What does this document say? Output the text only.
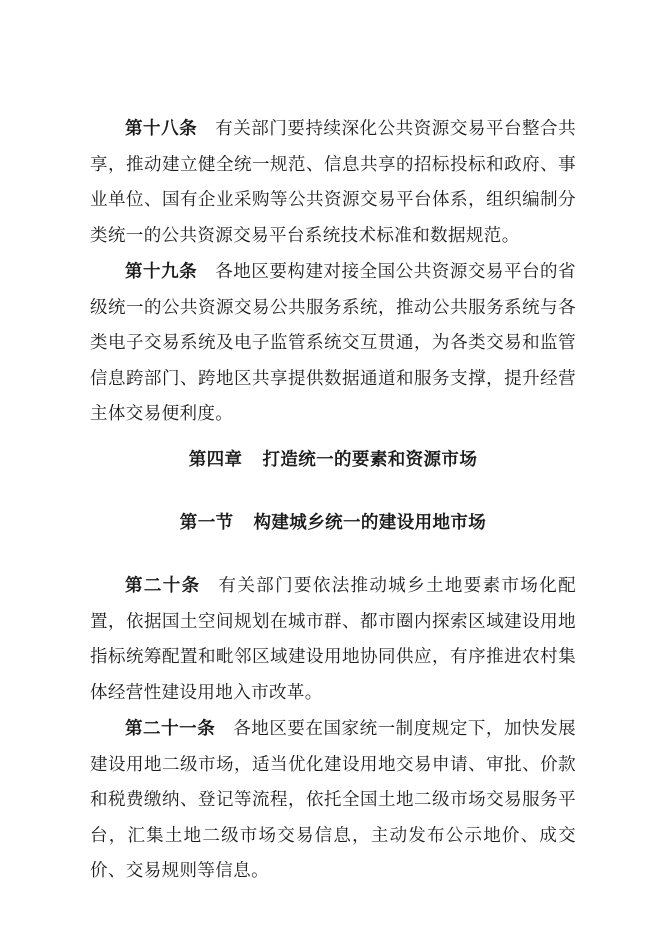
第十八条 有关部门要持续深化公共资源交易平台整合共享，推动建立健全统一规范、信息共享的招标投标和政府、事业单位、国有企业采购等公共资源交易平台体系，组织编制分类统一的公共资源交易平台系统技术标准和数据规范。

第十九条 各地区要构建对接全国公共资源交易平台的省级统一的公共资源交易公共服务系统，推动公共服务系统与各类电子交易系统及电子监管系统交互贯通，为各类交易和监管信息跨部门、跨地区共享提供数据通道和服务支撑，提升经营主体交易便利度。

第四章 打造统一的要素和资源市场
第一节 构建城乡统一的建设用地市场

第二十条 有关部门要依法推动城乡土地要素市场化配置，依据国土空间规划在城市群、都市圈内探索区域建设用地指标统筹配置和毗邻区域建设用地协同供应，有序推进农村集体经营性建设用地入市改革。

第二十一条 各地区要在国家统一制度规定下，加快发展建设用地二级市场，适当优化建设用地交易申请、审批、价款和税费缴纳、登记等流程，依托全国土地二级市场交易服务平台，汇集土地二级市场交易信息，主动发布公示地价、成交价、交易规则等信息。
